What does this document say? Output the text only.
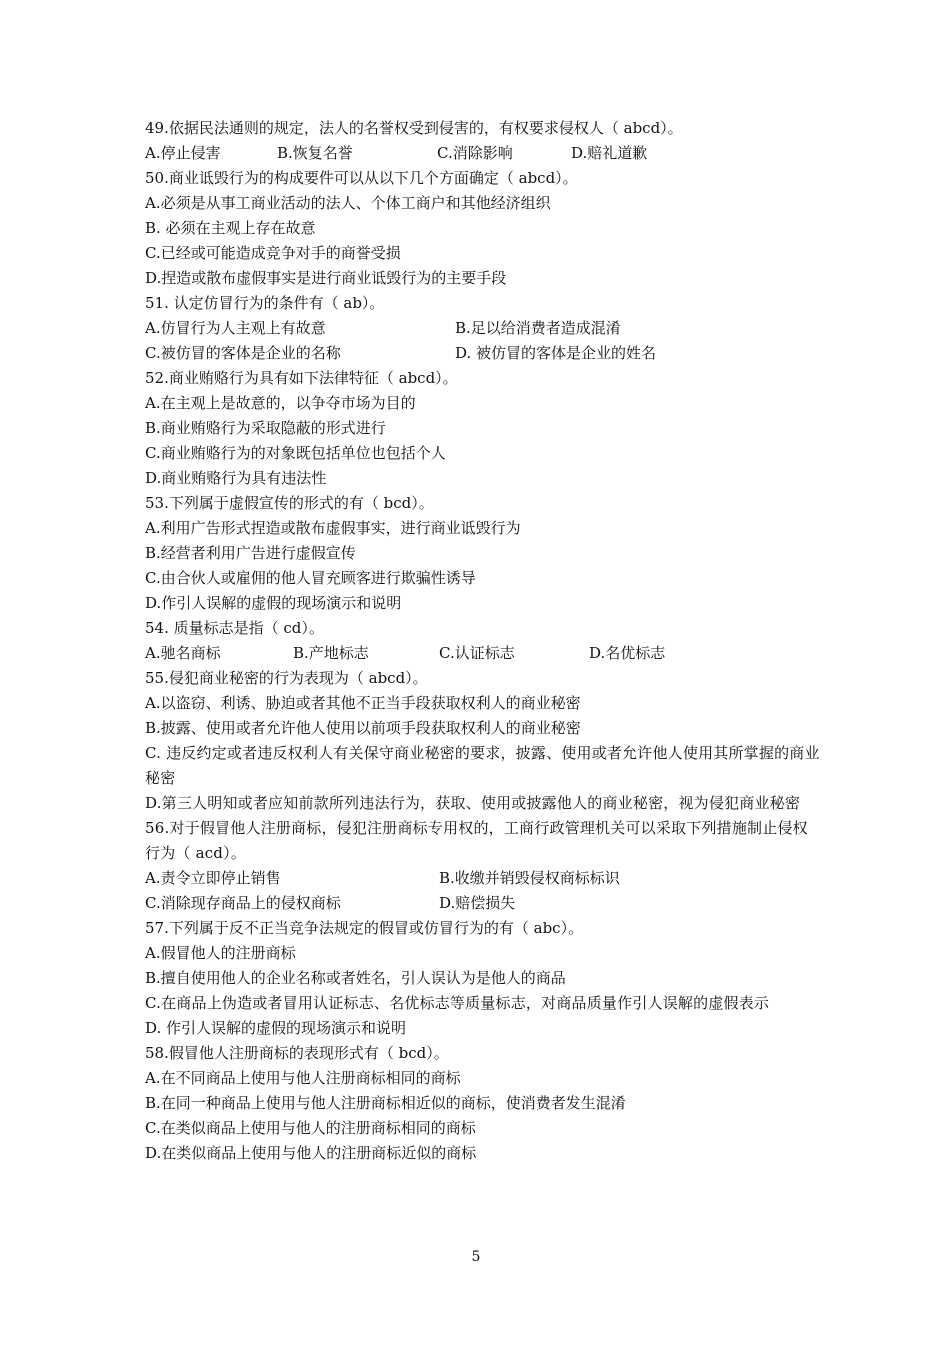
49.依据民法通则的规定，法人的名誉权受到侵害的，有权要求侵权人（ abcd）。
A.停止侵害	B.恢复名誉	C.消除影响	D.赔礼道歉
50.商业诋毁行为的构成要件可以从以下几个方面确定（ abcd）。
A.必须是从事工商业活动的法人、个体工商户和其他经济组织
B. 必须在主观上存在故意
C.已经或可能造成竞争对手的商誉受损
D.捏造或散布虚假事实是进行商业诋毁行为的主要手段
51. 认定仿冒行为的条件有（ ab）。
A.仿冒行为人主观上有故意	B.足以给消费者造成混淆
C.被仿冒的客体是企业的名称	D. 被仿冒的客体是企业的姓名
52.商业贿赂行为具有如下法律特征（ abcd）。
A.在主观上是故意的，以争夺市场为目的
B.商业贿赂行为采取隐蔽的形式进行
C.商业贿赂行为的对象既包括单位也包括个人
D.商业贿赂行为具有违法性
53.下列属于虚假宣传的形式的有（ bcd）。
A.利用广告形式捏造或散布虚假事实，进行商业诋毁行为
B.经营者利用广告进行虚假宣传
C.由合伙人或雇佣的他人冒充顾客进行欺骗性诱导
D.作引人误解的虚假的现场演示和说明
54. 质量标志是指（ cd）。
A.驰名商标	B.产地标志	C.认证标志	D.名优标志
55.侵犯商业秘密的行为表现为（ abcd）。
A.以盗窃、利诱、胁迫或者其他不正当手段获取权利人的商业秘密
B.披露、使用或者允许他人使用以前项手段获取权利人的商业秘密
C. 违反约定或者违反权利人有关保守商业秘密的要求，披露、使用或者允许他人使用其所掌握的商业秘密
D.第三人明知或者应知前款所列违法行为，获取、使用或披露他人的商业秘密，视为侵犯商业秘密
56.对于假冒他人注册商标，侵犯注册商标专用权的，工商行政管理机关可以采取下列措施制止侵权行为（ acd）。
A.责令立即停止销售	B.收缴并销毁侵权商标标识
C.消除现存商品上的侵权商标	D.赔偿损失
57.下列属于反不正当竞争法规定的假冒或仿冒行为的有（ abc）。
A.假冒他人的注册商标
B.擅自使用他人的企业名称或者姓名，引人误认为是他人的商品
C.在商品上伪造或者冒用认证标志、名优标志等质量标志，对商品质量作引人误解的虚假表示
D. 作引人误解的虚假的现场演示和说明
58.假冒他人注册商标的表现形式有（ bcd）。
A.在不同商品上使用与他人注册商标相同的商标
B.在同一种商品上使用与他人注册商标相近似的商标，使消费者发生混淆
C.在类似商品上使用与他人的注册商标相同的商标
D.在类似商品上使用与他人的注册商标近似的商标
5
